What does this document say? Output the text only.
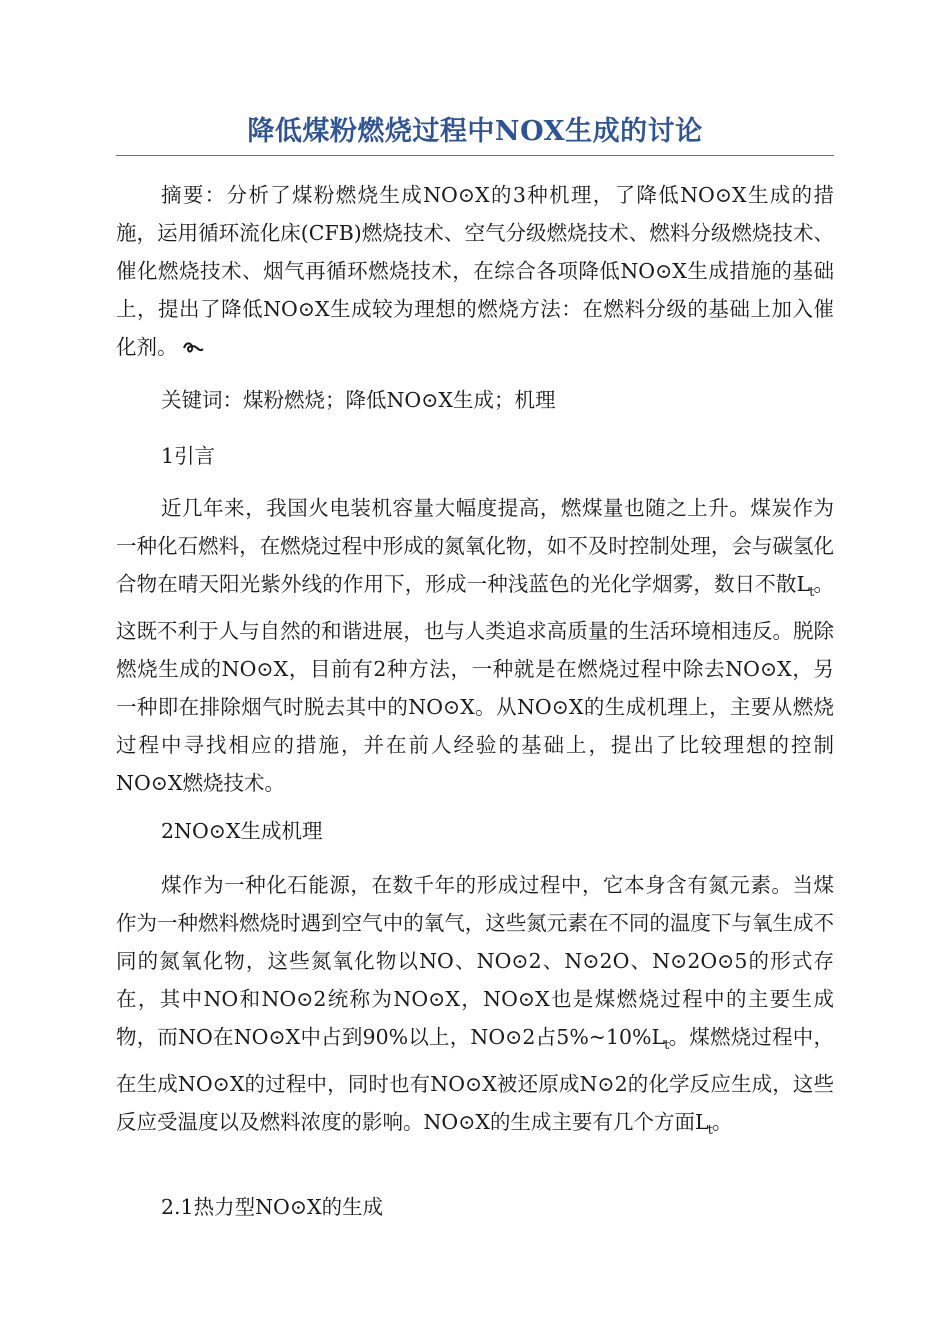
降低煤粉燃烧过程中NOX生成的讨论

摘要：分析了煤粉燃烧生成NO⊙X的3种机理，了降低NO⊙X生成的措施，运用循环流化床(CFB)燃烧技术、空气分级燃烧技术、燃料分级燃烧技术、催化燃烧技术、烟气再循环燃烧技术，在综合各项降低NO⊙X生成措施的基础上，提出了降低NO⊙X生成较为理想的燃烧方法：在燃料分级的基础上加入催化剂。

关键词：煤粉燃烧；降低NO⊙X生成；机理

1引言

近几年来，我国火电装机容量大幅度提高，燃煤量也随之上升。煤炭作为一种化石燃料，在燃烧过程中形成的氮氧化物，如不及时控制处理，会与碳氢化合物在晴天阳光紫外线的作用下，形成一种浅蓝色的光化学烟雾，数日不散$L_t$。这既不利于人与自然的和谐进展，也与人类追求高质量的生活环境相违反。脱除燃烧生成的NO⊙X，目前有2种方法，一种就是在燃烧过程中除去NO⊙X，另一种即在排除烟气时脱去其中的NO⊙X。从NO⊙X的生成机理上，主要从燃烧过程中寻找相应的措施，并在前人经验的基础上，提出了比较理想的控制NO⊙X燃烧技术。

2NO⊙X生成机理

煤作为一种化石能源，在数千年的形成过程中，它本身含有氮元素。当煤作为一种燃料燃烧时遇到空气中的氧气，这些氮元素在不同的温度下与氧生成不同的氮氧化物，这些氮氧化物以NO、NO⊙2、N⊙2O、N⊙2O⊙5的形式存在，其中NO和NO⊙2统称为NO⊙X，NO⊙X也是煤燃烧过程中的主要生成物，而NO在NO⊙X中占到90%以上，NO⊙2占$5\%\sim 10\%L_t$。煤燃烧过程中，在生成NO⊙X的过程中，同时也有NO⊙X被还原成N⊙2的化学反应生成，这些反应受温度以及燃料浓度的影响。NO⊙X的生成主要有几个方面$L_t$。

2.1热力型NO⊙X的生成
